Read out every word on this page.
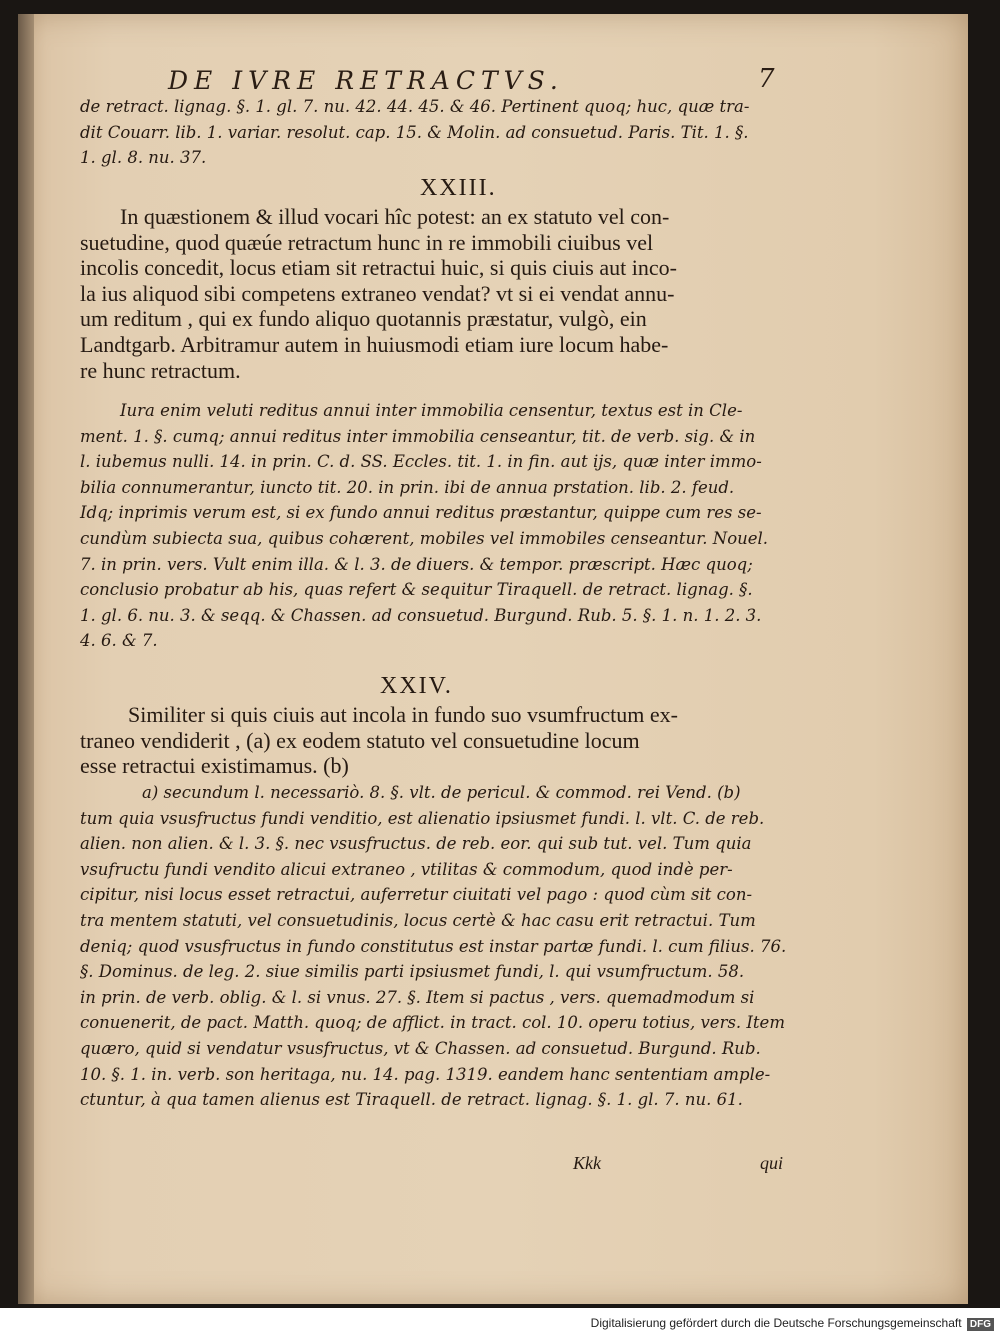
DE IVRE RETRACTVS.	7
de retract. lignag. §. 1. gl. 7. nu. 42. 44. 45. & 46. Pertinent quoq; huc, quæ tra-
dit Couarr. lib. 1. variar. resolut. cap. 15. & Molin. ad consuetud. Paris. Tit. 1. §.
1. gl. 8. nu. 37.
XXIII.
In quæstionem & illud vocari hîc potest: an ex statuto vel con-
suetudine, quod quæúe retractum hunc in re immobili ciuibus vel
incolis concedit, locus etiam sit retractui huic, si quis ciuis aut inco-
la ius aliquod sibi competens extraneo vendat? vt si ei vendat annu-
um reditum , qui ex fundo aliquo quotannis præstatur, vulgò, ein
Landtgarb. Arbitramur autem in huiusmodi etiam iure locum habe-
re hunc retractum.
Iura enim veluti reditus annui inter immobilia censentur, textus est in Cle-
ment. 1. §. cumq; annui reditus inter immobilia censeantur, tit. de verb. sig. & in
l. iubemus nulli. 14. in prin. C. d. SS. Eccles. tit. 1. in fin. aut ijs, quæ inter immo-
bilia connumerantur, iuncto tit. 20. in prin. ibi de annua prstation. lib. 2. feud.
Idq; inprimis verum est, si ex fundo annui reditus præstantur, quippe cum res se-
cundùm subiecta sua, quibus cohærent, mobiles vel immobiles censeantur. Nouel.
7. in prin. vers. Vult enim illa. & l. 3. de diuers. & tempor. præscript. Hæc quoq;
conclusio probatur ab his, quas refert & sequitur Tiraquell. de retract. lignag. §.
1. gl. 6. nu. 3. & seqq. & Chassen. ad consuetud. Burgund. Rub. 5. §. 1. n. 1. 2. 3.
4. 6. & 7.
XXIV.
Similiter si quis ciuis aut incola in fundo suo vsumfructum ex-
traneo vendiderit , (a) ex eodem statuto vel consuetudine locum
esse retractui existimamus. (b)
a) secundum l. necessariò. 8. §. vlt. de pericul. & commod. rei Vend. (b)
tum quia vsusfructus fundi venditio, est alienatio ipsiusmet fundi. l. vlt. C. de reb.
alien. non alien. & l. 3. §. nec vsusfructus. de reb. eor. qui sub tut. vel. Tum quia
vsufructu fundi vendito alicui extraneo , vtilitas & commodum, quod indè per-
cipitur, nisi locus esset retractui, auferretur ciuitati vel pago : quod cùm sit con-
tra mentem statuti, vel consuetudinis, locus certè & hac casu erit retractui. Tum
deniq; quod vsusfructus in fundo constitutus est instar partæ fundi. l. cum filius. 76.
§. Dominus. de leg. 2. siue similis parti ipsiusmet fundi, l. qui vsumfructum. 58.
in prin. de verb. oblig. & l. si vnus. 27. §. Item si pactus , vers. quemadmodum si
conuenerit, de pact. Matth. quoq; de afflict. in tract. col. 10. operu totius, vers. Item
quæro, quid si vendatur vsusfructus, vt & Chassen. ad consuetud. Burgund. Rub.
10. §. 1. in. verb. son heritaga, nu. 14. pag. 1319. eandem hanc sententiam ample-
ctuntur, à qua tamen alienus est Tiraquell. de retract. lignag. §. 1. gl. 7. nu. 61.
Kkk	qui
Digitalisierung gefördert durch die Deutsche Forschungsgemeinschaft DFG
